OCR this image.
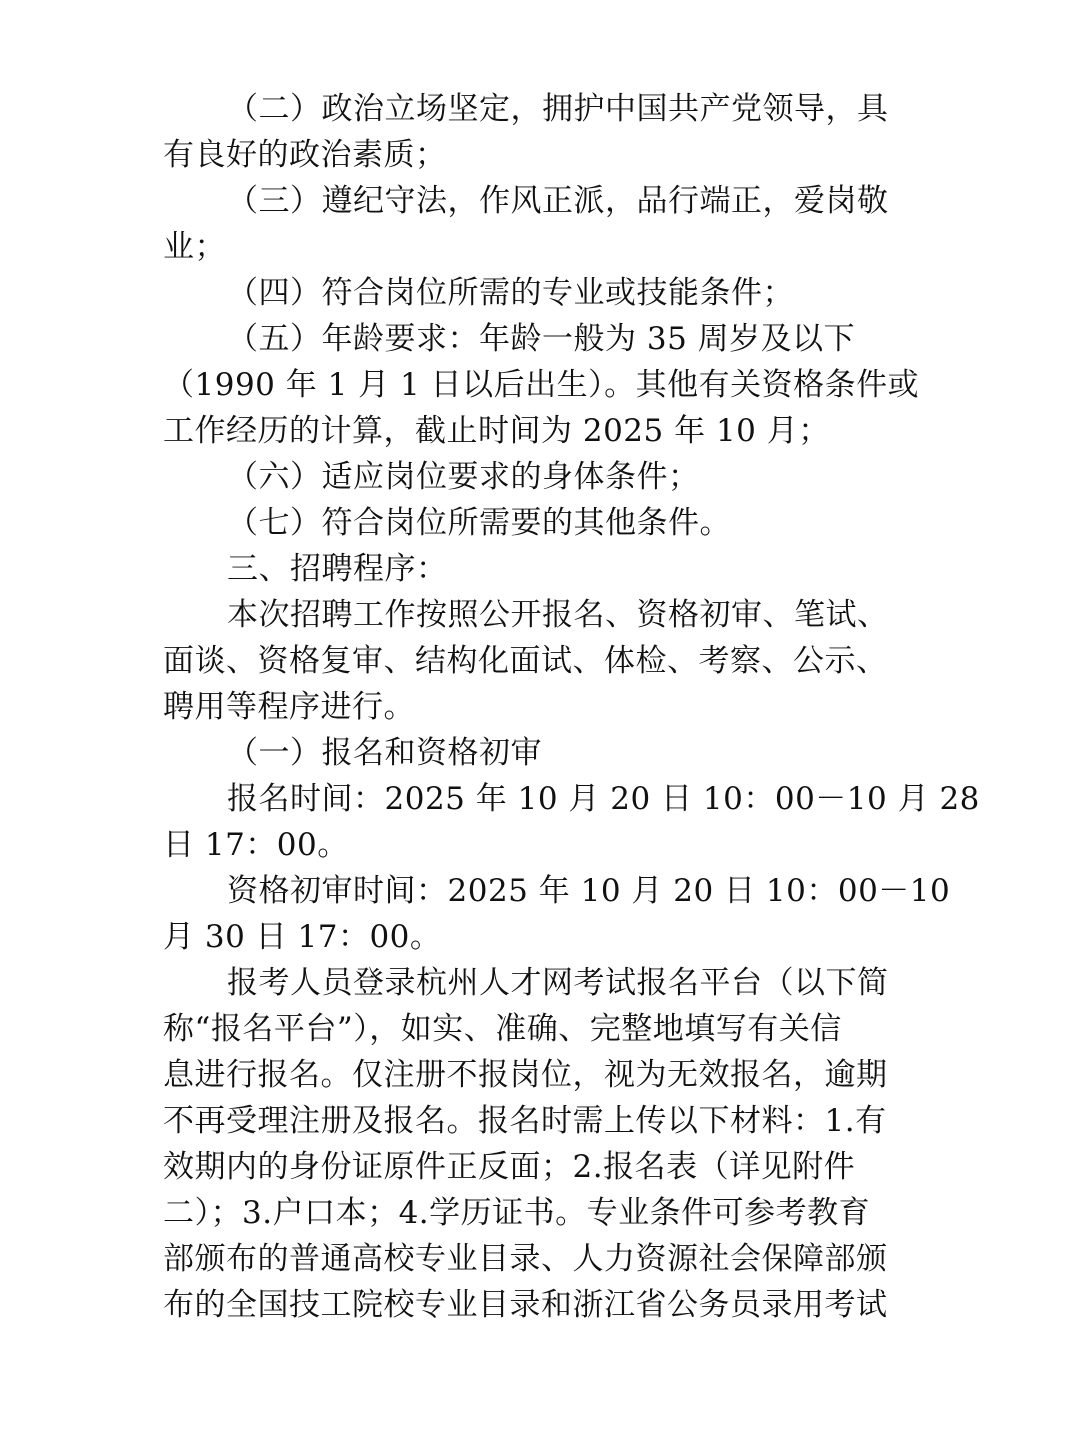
（二）政治立场坚定，拥护中国共产党领导，具
有良好的政治素质；

（三）遵纪守法，作风正派，品行端正，爱岗敬
业；

（四）符合岗位所需的专业或技能条件；

（五）年龄要求：年龄一般为 35 周岁及以下
（1990 年 1 月 1 日以后出生）。其他有关资格条件或
工作经历的计算，截止时间为 2025 年 10 月；

（六）适应岗位要求的身体条件；

（七）符合岗位所需要的其他条件。

三、招聘程序：

本次招聘工作按照公开报名、资格初审、笔试、
面谈、资格复审、结构化面试、体检、考察、公示、
聘用等程序进行。

（一）报名和资格初审

报名时间：2025 年 10 月 20 日 10：00－10 月 28
日 17：00。

资格初审时间：2025 年 10 月 20 日 10：00－10
月 30 日 17：00。

报考人员登录杭州人才网考试报名平台（以下简
称“报名平台”），如实、准确、完整地填写有关信
息进行报名。仅注册不报岗位，视为无效报名，逾期
不再受理注册及报名。报名时需上传以下材料：1.有
效期内的身份证原件正反面；2.报名表（详见附件
二）；3.户口本；4.学历证书。专业条件可参考教育
部颁布的普通高校专业目录、人力资源社会保障部颁
布的全国技工院校专业目录和浙江省公务员录用考试
